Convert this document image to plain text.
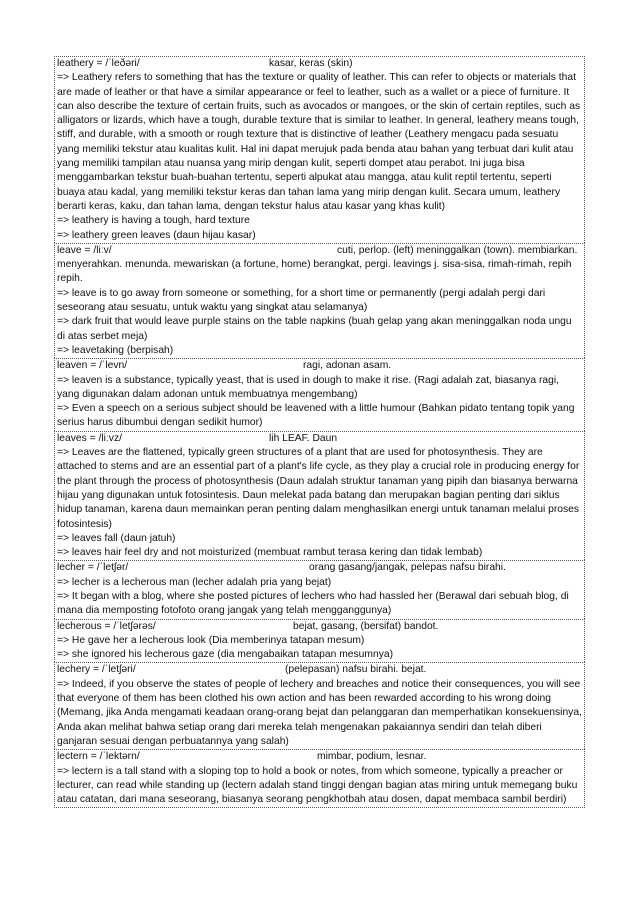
leathery = /ˈleðəri/	kasar, keras (skin)
=> Leathery refers to something that has the texture or quality of leather. This can refer to objects or materials that are made of leather or that have a similar appearance or feel to leather, such as a wallet or a piece of furniture. It can also describe the texture of certain fruits, such as avocados or mangoes, or the skin of certain reptiles, such as alligators or lizards, which have a tough, durable texture that is similar to leather. In general, leathery means tough, stiff, and durable, with a smooth or rough texture that is distinctive of leather (Leathery mengacu pada sesuatu yang memiliki tekstur atau kualitas kulit. Hal ini dapat merujuk pada benda atau bahan yang terbuat dari kulit atau yang memiliki tampilan atau nuansa yang mirip dengan kulit, seperti dompet atau perabot. Ini juga bisa menggambarkan tekstur buah-buahan tertentu, seperti alpukat atau mangga, atau kulit reptil tertentu, seperti buaya atau kadal, yang memiliki tekstur keras dan tahan lama yang mirip dengan kulit. Secara umum, leathery berarti keras, kaku, dan tahan lama, dengan tekstur halus atau kasar yang khas kulit)
=> leathery is having a tough, hard texture
=> leathery green leaves (daun hijau kasar)
leave = /liːv/	cuti, perlop. (left) meninggalkan (town). membiarkan.
menyerahkan. menunda. mewariskan (a fortune, home) berangkat, pergi. leavings j. sisa-sisa, rimah-rimah, repih repih.
=> leave is to go away from someone or something, for a short time or permanently (pergi adalah pergi dari seseorang atau sesuatu, untuk waktu yang singkat atau selamanya)
=> dark fruit that would leave purple stains on the table napkins (buah gelap yang akan meninggalkan noda ungu di atas serbet meja)
=> leavetaking (berpisah)
leaven = /ˈlevn/	ragi, adonan asam.
=> leaven is a substance, typically yeast, that is used in dough to make it rise. (Ragi adalah zat, biasanya ragi, yang digunakan dalam adonan untuk membuatnya mengembang)
=> Even a speech on a serious subject should be leavened with a little humour (Bahkan pidato tentang topik yang serius harus dibumbui dengan sedikit humor)
leaves = /liːvz/	lih LEAF. Daun
=> Leaves are the flattened, typically green structures of a plant that are used for photosynthesis. They are attached to stems and are an essential part of a plant's life cycle, as they play a crucial role in producing energy for the plant through the process of photosynthesis (Daun adalah struktur tanaman yang pipih dan biasanya berwarna hijau yang digunakan untuk fotosintesis. Daun melekat pada batang dan merupakan bagian penting dari siklus hidup tanaman, karena daun memainkan peran penting dalam menghasilkan energi untuk tanaman melalui proses fotosintesis)
=> leaves fall (daun jatuh)
=> leaves hair feel dry and not moisturized (membuat rambut terasa kering dan tidak lembab)
lecher = /ˈletʃər/	orang gasang/jangak, pelepas nafsu birahi.
=> lecher is a lecherous man (lecher adalah pria yang bejat)
=> It began with a blog, where she posted pictures of lechers who had hassled her (Berawal dari sebuah blog, di mana dia memposting fotofoto orang jangak yang telah mengganggunya)
lecherous = /ˈletʃərəs/	bejat, gasang, (bersifat) bandot.
=> He gave her a lecherous look (Dia memberinya tatapan mesum)
=> she ignored his lecherous gaze (dia mengabaikan tatapan mesumnya)
lechery = /ˈletʃəri/	(pelepasan) nafsu birahi. bejat.
=> Indeed, if you observe the states of people of lechery and breaches and notice their consequences, you will see that everyone of them has been clothed his own action and has been rewarded according to his wrong doing (Memang, jika Anda mengamati keadaan orang-orang bejat dan pelanggaran dan memperhatikan konsekuensinya, Anda akan melihat bahwa setiap orang dari mereka telah mengenakan pakaiannya sendiri dan telah diberi ganjaran sesuai dengan perbuatannya yang salah)
lectern = /ˈlektərn/	mimbar, podium, lesnar.
=> lectern is a tall stand with a sloping top to hold a book or notes, from which someone, typically a preacher or lecturer, can read while standing up (lectern adalah stand tinggi dengan bagian atas miring untuk memegang buku atau catatan, dari mana seseorang, biasanya seorang pengkhotbah atau dosen, dapat membaca sambil berdiri)
